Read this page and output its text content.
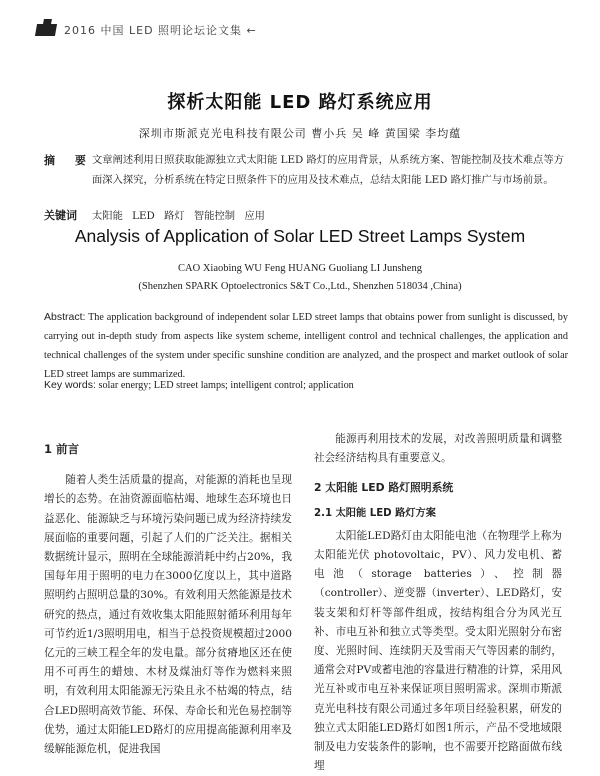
2016 中国 LED 照明论坛论文集 ←
探析太阳能 LED 路灯系统应用
深圳市斯派克光电科技有限公司 曹小兵 吴 峰 黄国梁 李均蕴
摘 要
文章阐述利用日照获取能源独立式太阳能 LED 路灯的应用背景，从系统方案、智能控制及技术难点等方面深入探究，分析系统在特定日照条件下的应用及技术难点，总结太阳能 LED 路灯推广与市场前景。
关键词 太阳能 LED 路灯 智能控制 应用
Analysis of Application of Solar LED Street Lamps System
CAO Xiaobing WU Feng HUANG Guoliang LI Junsheng
(Shenzhen SPARK Optoelectronics S&T Co.,Ltd., Shenzhen 518034 ,China)
Abstract: The application background of independent solar LED street lamps that obtains power from sunlight is discussed, by carrying out in-depth study from aspects like system scheme, intelligent control and technical challenges, the application and technical challenges of the system under specific sunshine condition are analyzed, and the prospect and market outlook of solar LED street lamps are summarized.
Key words: solar energy; LED street lamps; intelligent control; application
1 前言
随着人类生活质量的提高，对能源的消耗也呈现增长的态势。在油资源面临枯竭、地球生态环境也日益恶化、能源缺乏与环境污染问题已成为经济持续发展面临的重要问题，引起了人们的广泛关注。据相关数据统计显示，照明在全球能源消耗中约占20%，我国每年用于照明的电力在3000亿度以上，其中道路照明约占照明总量的30%。有效利用天然能源是技术研究的热点，通过有效收集太阳能照射循环利用每年可节约近1/3照明用电，相当于总投资规模超过2000亿元的三峡工程全年的发电量。部分贫瘠地区还在使用不可再生的蜡烛、木材及煤油灯等作为燃料来照明，有效利用太阳能源无污染且永不枯竭的特点，结合LED照明高效节能、环保、寿命长和光色易控制等优势，通过太阳能LED路灯的应用提高能源利用率及缓解能源危机，促进我国
能源再利用技术的发展，对改善照明质量和调整社会经济结构具有重要意义。
2 太阳能 LED 路灯照明系统
2.1 太阳能 LED 路灯方案
太阳能LED路灯由太阳能电池（在物理学上称为太阳能光伏 photovoltaic，PV）、风力发电机、蓄电池（storage batteries）、控制器（controller）、逆变器（inverter）、LED路灯，安装支架和灯杆等部件组成，按结构组合分为风光互补、市电互补和独立式等类型。受太阳光照射分布密度、光照时间、连续阴天及雪雨天气等因素的制约，通常会对PV或蓄电池的容量进行精准的计算，采用风光互补或市电互补来保证项目照明需求。深圳市斯派克光电科技有限公司通过多年项目经验积累，研发的独立式太阳能LED路灯如图1所示，产品不受地域限制及电力安装条件的影响，也不需要开挖路面做布线埋
